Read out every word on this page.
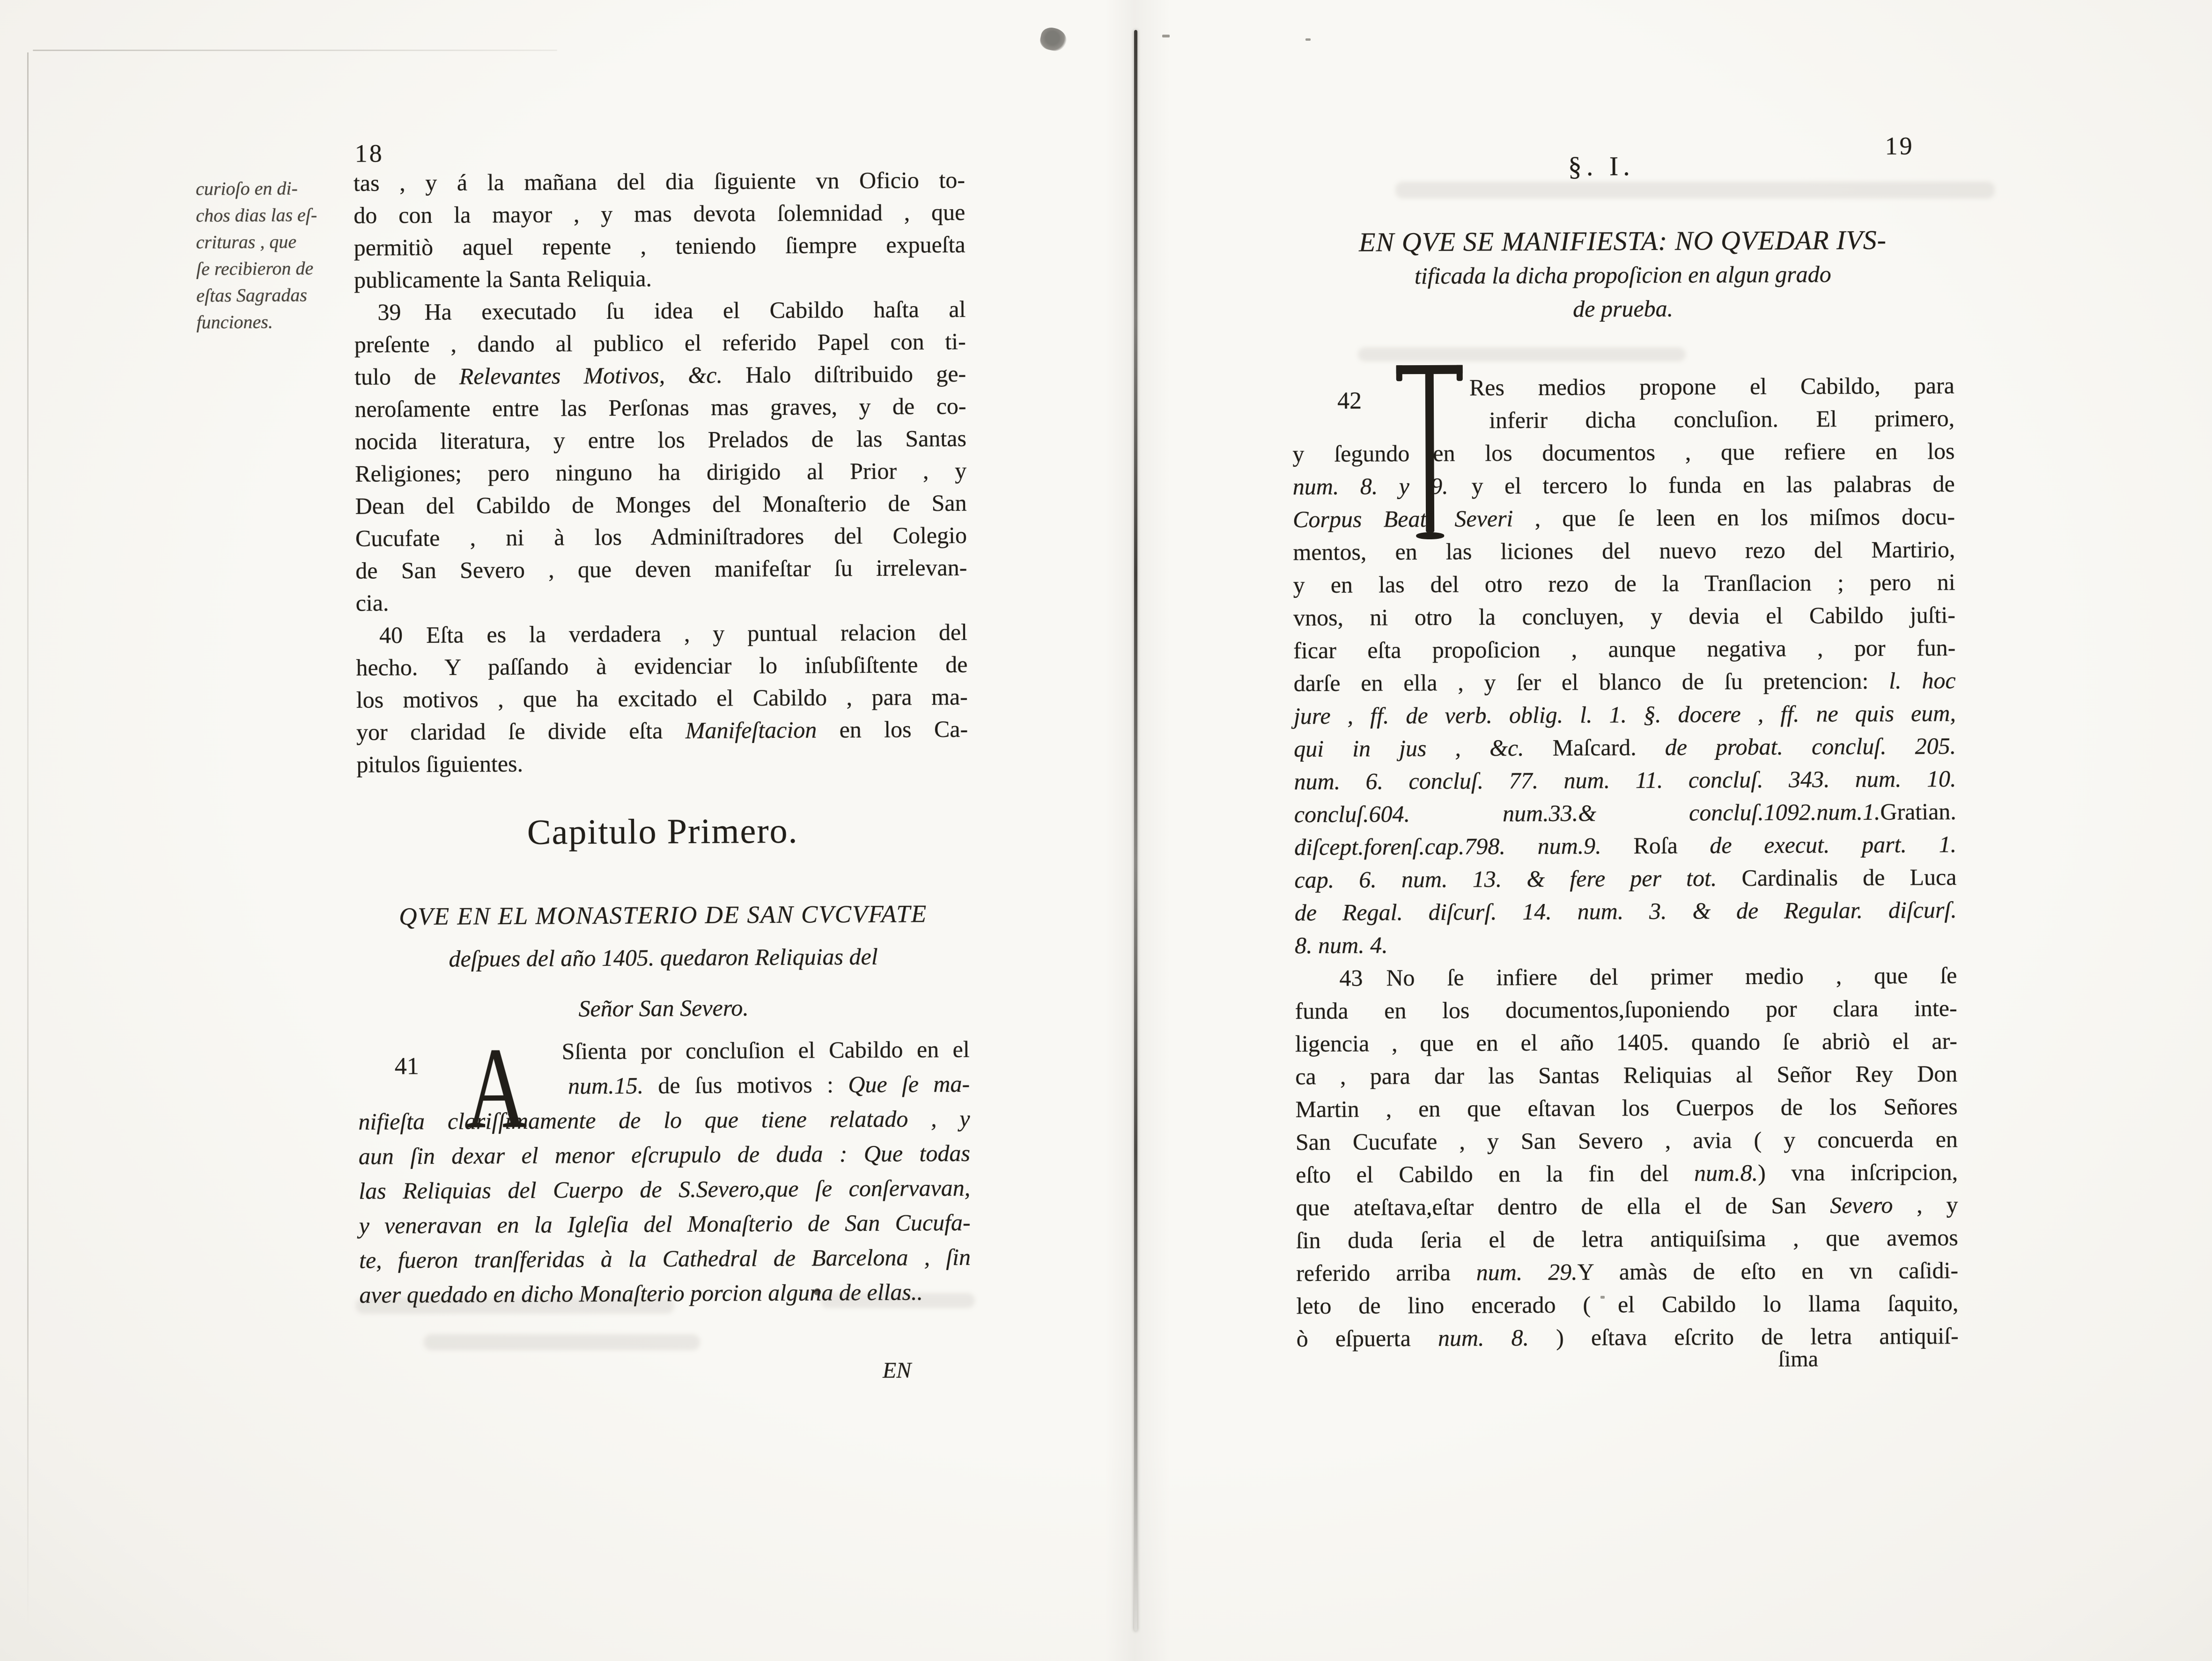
18
curioſo en di-
chos dias las eſ-
crituras , que
ſe recibieron de
eſtas Sagradas
funciones.
tas , y á la mañana del dia ſiguiente vn Oficio to-
do con la mayor , y mas devota ſolemnidad , que
permitiò aquel repente , teniendo ſiempre expueſta
publicamente la Santa Reliquia.
39  Ha executado ſu idea el Cabildo haſta al
preſente , dando al publico el referido Papel con ti-
tulo de Relevantes Motivos, &c. Halo diſtribuido ge-
neroſamente entre las Perſonas mas graves, y de co-
nocida literatura, y entre los Prelados de las Santas
Religiones; pero ninguno ha dirigido al Prior , y
Dean del Cabildo de Monges del Monaſterio de San
Cucufate , ni à los Adminiſtradores del Colegio
de San Severo , que deven manifeſtar ſu irrelevan-
cia.
40  Eſta es la verdadera , y puntual relacion del
hecho. Y paſſando à evidenciar lo inſubſiſtente de
los motivos , que ha excitado el Cabildo , para ma-
yor claridad ſe divide eſta Manifeſtacion en los Ca-
pitulos ſiguientes.
Capitulo Primero.
QVE EN EL MONASTERIO DE SAN CVCVFATE
deſpues del año 1405. quedaron Reliquias del
Señor San Severo.
41 A	Sſienta por concluſion el Cabildo en el
num.15. de ſus motivos : Que ſe ma-
nifieſta clariſſimamente de lo que tiene relatado , y
aun ſin dexar el menor eſcrupulo de duda : Que todas
las Reliquias del Cuerpo de S.Severo,que ſe conſervavan,
y veneravan en la Igleſia del Monaſterio de San Cucufa-
te, fueron tranſferidas à la Cathedral de Barcelona , ſin
aver quedado en dicho Monaſterio porcion alguna de ellas..
EN
19
§. I.
EN QVE SE MANIFIESTA: NO QVEDAR IVS-
tificada la dicha propoſicion en algun grado
de prueba.
42
Res medios propone el Cabildo, para
inferir dicha concluſion. El primero,
y ſegundo en los documentos , que refiere en los
num. 8. y 9. y el tercero lo funda en las palabras de
Corpus Beati Severi , que ſe leen en los miſmos docu-
mentos, en las liciones del nuevo rezo del Martirio,
y en las del otro rezo de la Tranſlacion ; pero ni
vnos, ni otro la concluyen, y devia el Cabildo juſti-
ficar eſta propoſicion , aunque negativa , por fun-
darſe en ella , y ſer el blanco de ſu pretencion: l. hoc
jure , ff. de verb. oblig. l. 1. §. docere , ff. ne quis eum,
qui in jus , &c. Maſcard. de probat. concluſ. 205.
num. 6. concluſ. 77. num. 11. concluſ. 343. num. 10.
concluſ.604. num.33.& concluſ.1092.num.1.Gratian.
diſcept.forenſ.cap.798. num.9. Roſa de execut. part. 1.
cap. 6. num. 13. & fere per tot. Cardinalis de Luca
de Regal. diſcurſ. 14. num. 3. & de Regular. diſcurſ.
8. num. 4.
43  No ſe infiere del primer medio , que ſe
funda en los documentos,ſuponiendo por clara inte-
ligencia , que en el año 1405. quando ſe abriò el ar-
ca , para dar las Santas Reliquias al Señor Rey Don
Martin , en que eſtavan los Cuerpos de los Señores
San Cucufate , y San Severo , avia ( y concuerda en
eſto el Cabildo en la fin del num.8.) vna inſcripcion,
que ateſtava,eſtar dentro de ella el de San Severo , y
ſin duda ſeria el de letra antiquiſsima , que avemos
referido arriba num. 29.Y amàs de eſto en vn caſidi-
leto de lino encerado ( el Cabildo lo llama ſaquito,
ò eſpuerta num. 8. ) eſtava eſcrito de letra antiquiſ-
ſima
